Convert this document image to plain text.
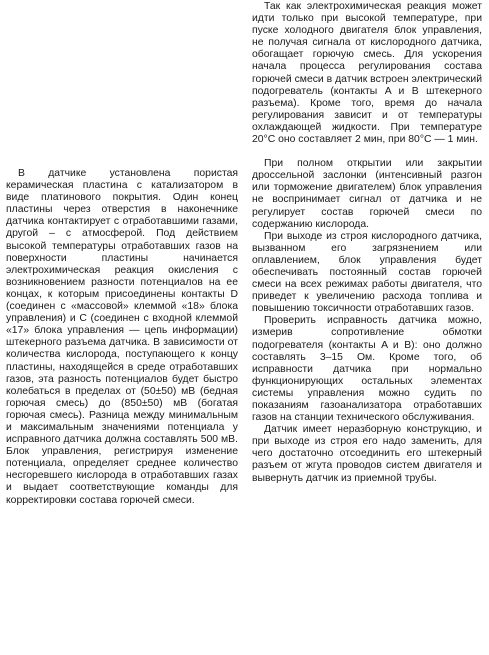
В датчике установлена пористая керамическая пластина с катализатором в виде платинового покрытия. Один конец пластины через отверстия в наконечнике датчика контактирует с отработавшими газами, другой – с атмосферой. Под действием высокой температуры отработавших газов на поверхности пластины начинается электрохимическая реакция окисления с возникновением разности потенциалов на ее концах, к которым присоединены контакты D (соединен с «массовой» клеммой «18» блока управления) и C (соединен с входной клеммой «17» блока управления — цепь информации) штекерного разъема датчика. В зависимости от количества кислорода, поступающего к концу пластины, находящейся в среде отработавших газов, эта разность потенциалов будет быстро колебаться в пределах от (50±50) мВ (бедная горючая смесь) до (850±50) мВ (богатая горючая смесь). Разница между минимальным и максимальным значениями потенциала у исправного датчика должна составлять 500 мВ. Блок управления, регистрируя изменение потенциала, определяет среднее количество несгоревшего кислорода в отработавших газах и выдает соответствующие команды для корректировки состава горючей смеси.

Так как электрохимическая реакция может идти только при высокой температуре, при пуске холодного двигателя блок управления, не получая сигнала от кислородного датчика, обогащает горючую смесь. Для ускорения начала процесса регулирования состава горючей смеси в датчик встроен электрический подогреватель (контакты A и B штекерного разъема). Кроме того, время до начала регулирования зависит и от температуры охлаждающей жидкости. При температуре 20°C оно составляет 2 мин, при 80°C — 1 мин.

При полном открытии или закрытии дроссельной заслонки (интенсивный разгон или торможение двигателем) блок управления не воспринимает сигнал от датчика и не регулирует состав горючей смеси по содержанию кислорода.

При выходе из строя кислородного датчика, вызванном его загрязнением или оплавлением, блок управления будет обеспечивать постоянный состав горючей смеси на всех режимах работы двигателя, что приведет к увеличению расхода топлива и повышению токсичности отработавших газов.

Проверить исправность датчика можно, измерив сопротивление обмотки подогревателя (контакты A и B): оно должно составлять 3–15 Ом. Кроме того, об исправности датчика при нормально функционирующих остальных элементах системы управления можно судить по показаниям газоанализатора отработавших газов на станции технического обслуживания.

Датчик имеет неразборную конструкцию, и при выходе из строя его надо заменить, для чего достаточно отсоединить его штекерный разъем от жгута проводов систем двигателя и вывернуть датчик из приемной трубы.
